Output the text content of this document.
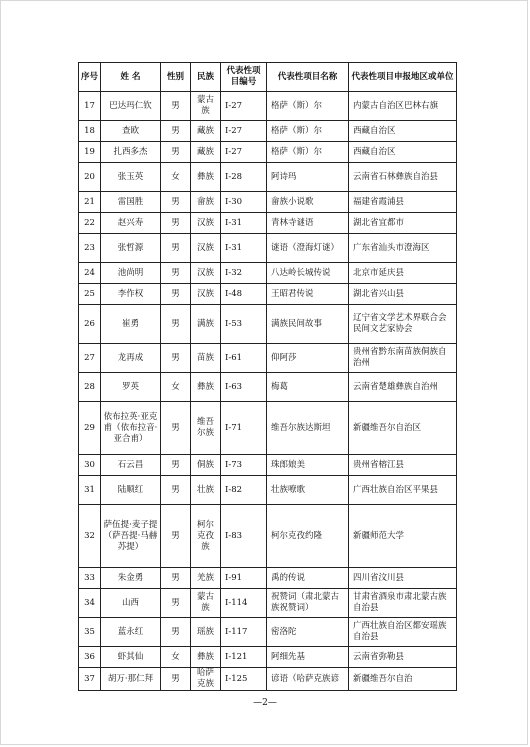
序号	姓 名	性别	民族	代表性项目编号	代表性项目名称	代表性项目申报地区或单位
17	巴达玛仁钦	男	蒙古族	Ⅰ-27	格萨（斯）尔	内蒙古自治区巴林右旗
18	查欧	男	藏族	Ⅰ-27	格萨（斯）尔	西藏自治区
19	扎西多杰	男	藏族	Ⅰ-27	格萨（斯）尔	西藏自治区
20	张玉英	女	彝族	Ⅰ-28	阿诗玛	云南省石林彝族自治县
21	雷国胜	男	畲族	Ⅰ-30	畲族小说歌	福建省霞浦县
22	赵兴寿	男	汉族	Ⅰ-31	青林寺谜语	湖北省宜都市
23	张哲源	男	汉族	Ⅰ-31	谜语（澄海灯谜）	广东省汕头市澄海区
24	池尚明	男	汉族	Ⅰ-32	八达岭长城传说	北京市延庆县
25	李作权	男	汉族	Ⅰ-48	王昭君传说	湖北省兴山县
26	崔勇	男	满族	Ⅰ-53	满族民间故事	辽宁省文学艺术界联合会民间文艺家协会
27	龙再成	男	苗族	Ⅰ-61	仰阿莎	贵州省黔东南苗族侗族自治州
28	罗英	女	彝族	Ⅰ-63	梅葛	云南省楚雄彝族自治州
29	依布拉英·亚克甫（依布拉音·亚合甫）	男	维吾尔族	Ⅰ-71	维吾尔族达斯坦	新疆维吾尔自治区
30	石云昌	男	侗族	Ⅰ-73	珠郎娘美	贵州省榕江县
31	陆顺红	男	壮族	Ⅰ-82	壮族嘹歌	广西壮族自治区平果县
32	萨伍提·麦子提（萨吾提·马赫苏提）	男	柯尔克孜族	Ⅰ-83	柯尔克孜约隆	新疆师范大学
33	朱金勇	男	羌族	Ⅰ-91	禹的传说	四川省汶川县
34	山西	男	蒙古族	Ⅰ-114	祝赞词（肃北蒙古族祝赞词）	甘肃省酒泉市肃北蒙古族自治县
35	蓝永红	男	瑶族	Ⅰ-117	密洛陀	广西壮族自治区都安瑶族自治县
36	虾其仙	女	彝族	Ⅰ-121	阿细先基	云南省弥勒县
37	胡万·那仁拜	男	哈萨克族	Ⅰ-125	谚语（哈萨克族谚	新疆维吾尔自治
—2—
